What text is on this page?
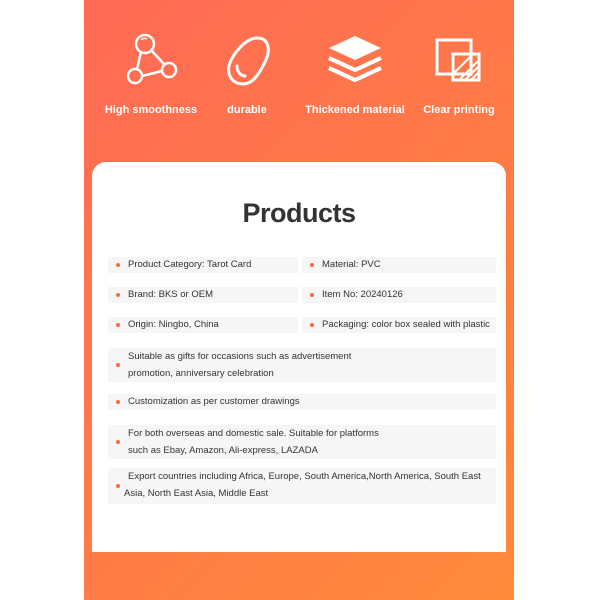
High smoothness	durable	Thickened material	Clear printing
Products
Product Category: Tarot Card	Material: PVC
Brand: BKS or OEM	Item No: 20240126
Origin: Ningbo, China	Packaging: color box sealed with plastic
Suitable as gifts for occasions such as advertisement
promotion, anniversary celebration
Customization as per customer drawings
For both overseas and domestic sale. Suitable for platforms
such as Ebay, Amazon, Ali-express, LAZADA
Export countries including Africa, Europe, South America,North America, South East
Asia, North East Asia, Middle East
